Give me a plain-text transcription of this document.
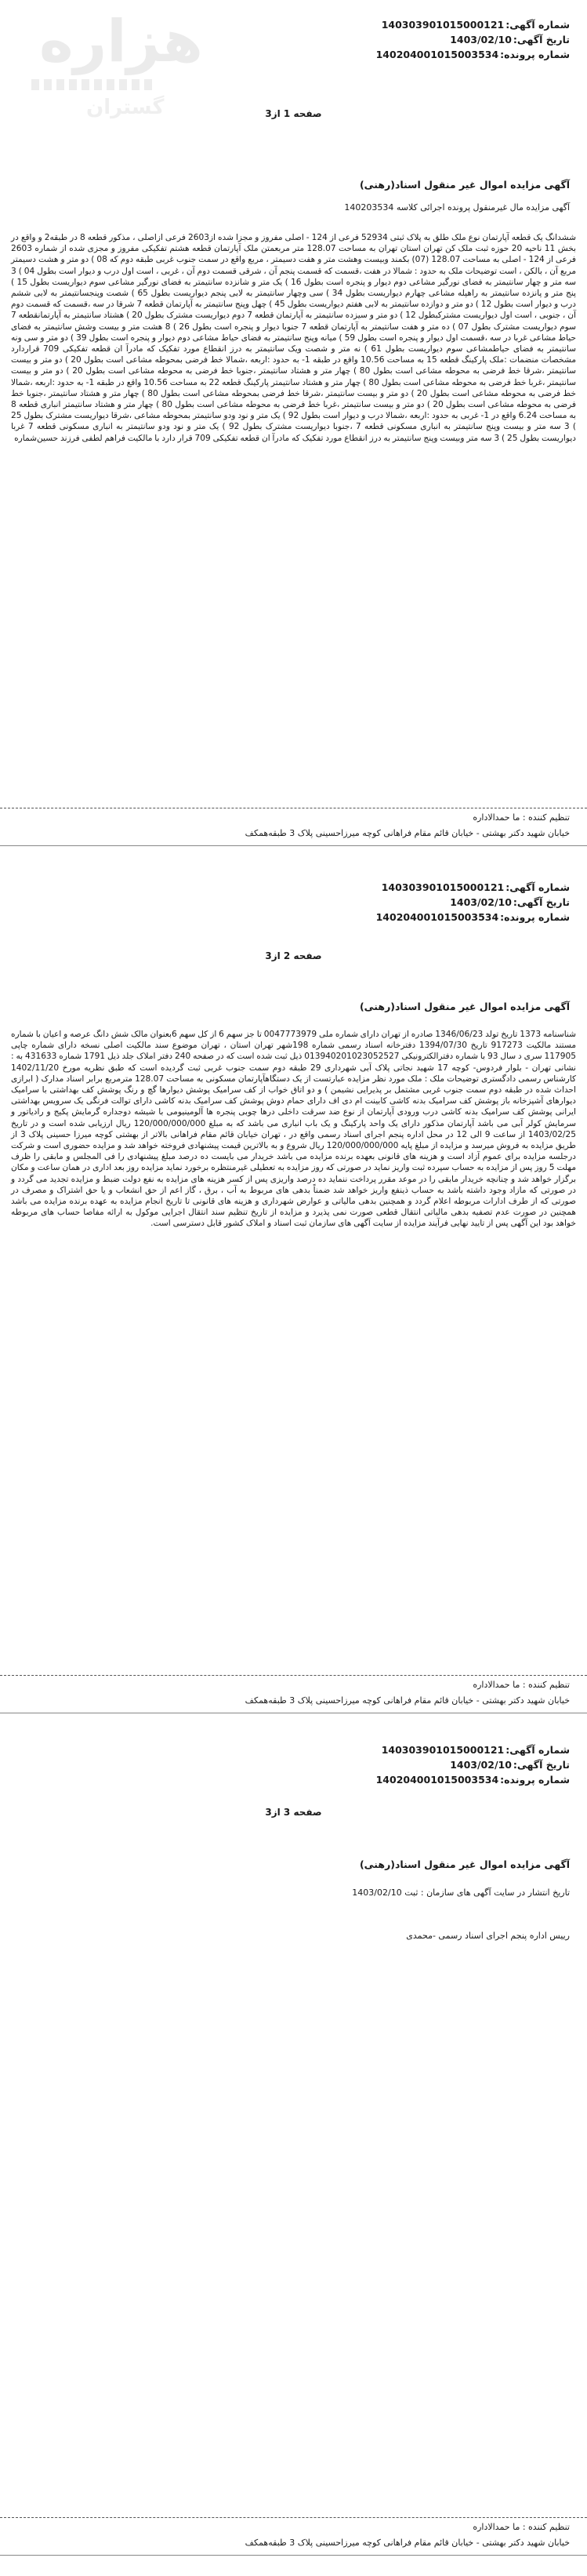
هزاره
گستران
شماره آگهی:140303901015000121
تاریخ آگهی:1403/02/10
شماره پرونده:140204001015003534
صفحه 1 از3
آگهی مزایده اموال غیر منقول اسناد(رهنی)
آگهی مزایده مال غیرمنقول پرونده اجرائی کلاسه 140203534
ششدانگ یک قطعه آپارتمان نوع ملک طلق به پلاک ثبتی 52934 فرعی از 124 - اصلی مفروز و مجزا شده از2603 فرعی ازاصلی ، مذکور قطعه 8 در طبقه2 و واقع در بخش 11 ناحیه 20 حوزه ثبت ملک کن تهران استان تهران به مساحت 128.07 متر مربعمتن ملک آپارتمان قطعه هشتم تفکیکی مفروز و مجزی شده از شماره 2603 فرعی از 124 - اصلی به مساحت 128.07 (07) بکمند وبیست وهشت متر و هفت دسیمتر ، مربع واقع در سمت جنوب غربی طبقه دوم که 08 ) دو متر و هشت دسیمتر مربع آن ، بالکن ، است توضیحات ملک به حدود : شمالا در هفت ،قسمت که قسمت پنجم آن ، شرقی قسمت دوم آن ، غربی ، است اول درب و دیوار است بطول 04 ) 3 سه متر و چهار سانتیمتر به فضای نورگیر مشاعی دوم دیوار و پنجره است بطول 16 ) یک متر و شانزده سانتیمتر به فضای نورگیر مشاعی سوم دیواریست بطول 15 ) پنج متر و پانزده سانتیمتر به راهپله مشاعی چهارم دیواریست بطول 34 ) سی وچهار سانتیمتر به لابی پنجم دیواریست بطول 65 ) شصت وپنجسانتیمتر به لابی ششم درب و دیوار است بطول 12 ) دو متر و دوازده سانتیمتر به لابی هفتم دیواریست بطول 45 ) چهل وپنج سانتیمتر به آپارتمان قطعه 7 شرقا در سه ،قسمت که قسمت دوم آن ، جنوبی ، است اول دیواریست مشترکبطول 12 ) دو متر و سیزده سانتیمتر به آپارتمان قطعه 7 دوم دیواریست مشترک بطول 20 ) هشتاد سانتیمتر به آپارتمانقطعه 7 سوم دیواریست مشترک بطول 07 ) ده متر و هفت سانتیمتر به آپارتمان قطعه 7 جنوبا دیوار و پنجره است بطول 26 ) 8 هشت متر و بیست وشش سانتیمتر به فضای حیاط مشاعی غربا در سه ،قسمت اول دیوار و پنجره است بطول 59 ) میانه وپنج سانتیمتر به فضای حیاط مشاعی دوم دیوار و پنجره است بطول 39 ) دو متر و سی ونه سانتیمتر به فضای حیاطمشاعی سوم دیواریست بطول 61 ) نه متر و شصت ویک سانتیمتر به درز انقطاع مورد تفکیک که مادرآ ان قطعه تفکیکی 709 قراردارد مشخصات منضمات :ملک پارکینگ قطعه 15 به مساحت 10.56 واقع در طبقه 1- به حدود :اربعه ،شمالا خط فرضی بمحوطه مشاعی است بطول 20 ) دو متر و بیست سانتیمتر ،شرقا خط فرضی به محوطه مشاعی است بطول 80 ) چهار متر و هشتاد سانتیمتر ،جنوبا خط فرضی به محوطه مشاعی است بطول 20 ) دو متر و بیست سانتیمتر ،غربا خط فرضی به محوطه مشاعی است بطول 80 ) چهار متر و هشتاد سانتیمتر پارکینگ قطعه 22 به مساحت 10.56 واقع در طبقه 1- به حدود :اربعه ،شمالا خط فرضی به محوطه مشاعی است بطول 20 ) دو متر و بیست سانتیمتر ،شرقا خط فرضی بمحوطه مشاعی است بطول 80 ) چهار متر و هشتاد سانتیمتر ،جنوبا خط فرضی به محوطه مشاعی است بطول 20 ) دو متر و بیست سانتیمتر ،غربا خط فرضی به محوطه مشاعی است بطول 80 ) چهار متر و هشتاد سانتیمتر انباری قطعه 8 به مساحت 6.24 واقع در 1- غربی به حدود :اربعه ،شمالا درب و دیوار است بطول 92 ) یک متر و نود ودو سانتیمتر بمحوطه مشاعی ،شرقا دیواریست مشترک بطول 25 ) 3 سه متر و بیست وپنج سانتیمتر به انباری مسکونی قطعه 7 ،جنوبا دیواریست مشترک بطول 92 ) یک متر و نود ودو سانتیمتر به انباری مسکونی قطعه 7 غربا دیواریست بطول 25 ) 3 سه متر وبیست وپنج سانتیمتر به درز انقطاع مورد تفکیک که مادرآ ان قطعه تفکیکی 709 قرار دارد با مالکیت فراهم لطفی فرزند حسین‌شماره
تنظیم کننده : ما حمدالاداره
خیابان شهید دکتر بهشتی - خیابان قائم مقام فراهانی کوچه میرزاحسینی پلاک 3 طبقه‌همکف
شماره آگهی:140303901015000121
تاریخ آگهی:1403/02/10
شماره پرونده:140204001015003534
صفحه 2 از3
آگهی مزایده اموال غیر منقول اسناد(رهنی)
شناسنامه 1373 تاریخ تولد 1346/06/23 صادره از تهران دارای شماره ملی 0047773979 تا جز سهم 6 از کل سهم 6بعنوان مالک شش دانگ عرصه و اعیان با شماره مستند مالکیت 917273 تاریخ 1394/07/30 دفترخانه اسناد رسمی شماره 198شهر تهران استان ، تهران موضوع سند مالکیت اصلی نسخه دارای شماره چاپی 117905 سری د سال 93 با شماره دفترالکترونیکی 013940201023052527 ذیل ثبت شده است که در صفحه 240 دفتر املاک جلد ذیل 1791 شماره 431633 به : نشانی تهران - بلوار فردوس- کوچه 17 شهید نجاتی پلاک آبی شهرداری 29 طبقه دوم سمت جنوب غربی ثبت گردیده است که طبق نظریه مورخ 1402/11/20 کارشناس رسمی دادگستری توضیحات ملک : ملک مورد نظر مزایده عبارتست از یک دستگاهآپارتمان مسکونی به مساحت 128.07 مترمربع برابر اسناد مدارک ( ابرازی احداث شده در طبقه دوم سمت جنوب غربی مشتمل بر پذیرایی نشیمن ) و دو اتاق خواب از کف سرامیک پوشش دیوارها گچ و رنگ پوشش کف بهداشتی با سرامیک دیوارهای آشپزخانه باز پوشش کف سرامیک بدنه کاشی کابینت ام دی اف دارای حمام دوش پوشش کف سرامیک بدنه کاشی دارای توالت فرنگی یک سرویس بهداشتی ایرانی پوشش کف سرامیک بدنه کاشی درب ورودی آپارتمان از نوع ضد سرقت داخلی درها چوبی پنجره ها آلومینیومی با شیشه دوجداره گرمایش پکیج و رادیاتور و سرمایش کولر آبی می باشد آپارتمان مذکور دارای یک واحد پارکینگ و یک باب انباری می باشد که به مبلغ 120/000/000/000 ریال ارزیابی شده است و در تاریخ 1403/02/25 از ساعت 9 الی 12 در محل اداره پنجم اجرای اسناد رسمی واقع در ، تهران خیابان قائم مقام فراهانی بالاتر از بهشتی کوچه میرزا حسینی پلاک 3 از طریق مزایده به فروش میرسد و مزایده از مبلغ پایه 120/000/000/000 ریال شروع و به بالاترین قیمت پیشنهادی فروخته خواهد شد و مزایده حضوری است و شرکت درجلسه مزایده برای عموم آزاد است و هزینه های قانونی بعهده برنده مزایده می باشد خریدار می بایست ده درصد مبلغ پیشنهادی را فی المجلس و مابقی را ظرف مهلت 5 روز پس از مزایده به حساب سپرده ثبت واریز نماید در صورتی که روز مزایده به تعطیلی غیرمنتظره برخورد نماید مزایده روز بعد اداری در همان ساعت و مکان برگزار خواهد شد و چنانچه خریدار مابقی را در موعد مقرر پرداخت ننماید ده درصد واریزی پس از کسر هزینه های مزایده به نفع دولت ضبط و مزایده تجدید می گردد و در صورتی که مازاد وجود داشته باشد به حساب ذینفع واریز خواهد شد ضمناً بدهی های مربوط به آب ، برق ، گاز اعم از حق انشعاب و یا حق اشتراک و مصرف در صورتی که از طرف ادارات مربوطه اعلام گردد و همچنین بدهی مالیاتی و عوارض شهرداری و هزینه های قانونی تا تاریخ انجام مزایده به عهده برنده مزایده می باشد همچنین در صورت عدم تصفیه بدهی مالیاتی انتقال قطعی صورت نمی پذیرد و مزایده از تاریخ تنظیم سند انتقال اجرایی موکول به ارائه مفاصا حساب های مربوطه خواهد بود این آگهی پس از تایید نهایی فرآیند مزایده از سایت آگهی های سازمان ثبت اسناد و املاک کشور قابل دسترسی است.
تنظیم کننده : ما حمدالاداره
خیابان شهید دکتر بهشتی - خیابان قائم مقام فراهانی کوچه میرزاحسینی پلاک 3 طبقه‌همکف
شماره آگهی:140303901015000121
تاریخ آگهی:1403/02/10
شماره پرونده:140204001015003534
صفحه 3 از3
آگهی مزایده اموال غیر منقول اسناد(رهنی)
تاریخ انتشار در سایت آگهی های سازمان : ثبت 1403/02/10
رییس اداره پنجم اجرای اسناد رسمی -محمدی
تنظیم کننده : ما حمدالاداره
خیابان شهید دکتر بهشتی - خیابان قائم مقام فراهانی کوچه میرزاحسینی پلاک 3 طبقه‌همکف
